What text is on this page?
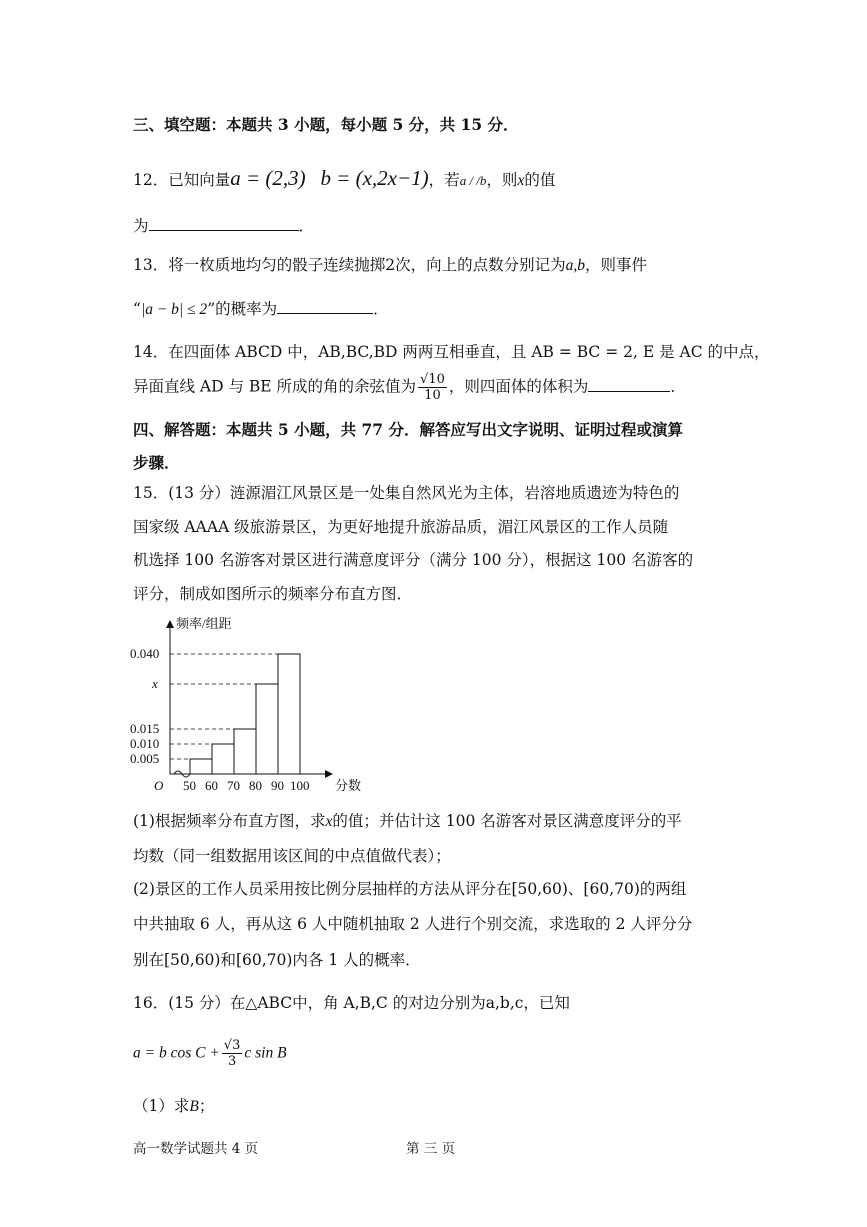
三、填空题：本题共 3 小题，每小题 5 分，共 15 分．
12．已知向量a = (2,3) b = (x,2x−1)，若a / /b，则x的值
为	．
13．将一枚质地均匀的骰子连续抛掷2次，向上的点数分别记为a,b，则事件
“|a − b| ≤ 2”的概率为	．
14．在四面体 ABCD 中，AB,BC,BD 两两互相垂直，且 AB = BC = 2, E 是 AC 的中点，
异面直线 AD 与 BE 所成的角的余弦值为 $\frac{√10}{10}$ ，则四面体的体积为	．
四、解答题：本题共 5 小题，共 77 分．解答应写出文字说明、证明过程或演算
步骤．
15．(13 分）涟源湄江风景区是一处集自然风光为主体，岩溶地质遗迹为特色的
国家级 AAAA 级旅游景区，为更好地提升旅游品质，湄江风景区的工作人员随
机选择 100 名游客对景区进行满意度评分（满分 100 分），根据这 100 名游客的
评分，制成如图所示的频率分布直方图．
频率/组距
分数
O
0.005
0.010
0.015
x
0.040
50 60 70 80 90 100
(1)根据频率分布直方图，求x的值；并估计这 100 名游客对景区满意度评分的平
均数（同一组数据用该区间的中点值做代表）；
(2)景区的工作人员采用按比例分层抽样的方法从评分在[50,60)、[60,70)的两组
中共抽取 6 人，再从这 6 人中随机抽取 2 人进行个别交流，求选取的 2 人评分分
别在[50,60)和[60,70)内各 1 人的概率．
16．(15 分）在△ABC中，角 A,B,C 的对边分别为a,b,c，已知
a = b $\cos C + \frac{√3}{3}$ c sin B
（1）求B；
高一数学试题共 4 页	第 三 页
